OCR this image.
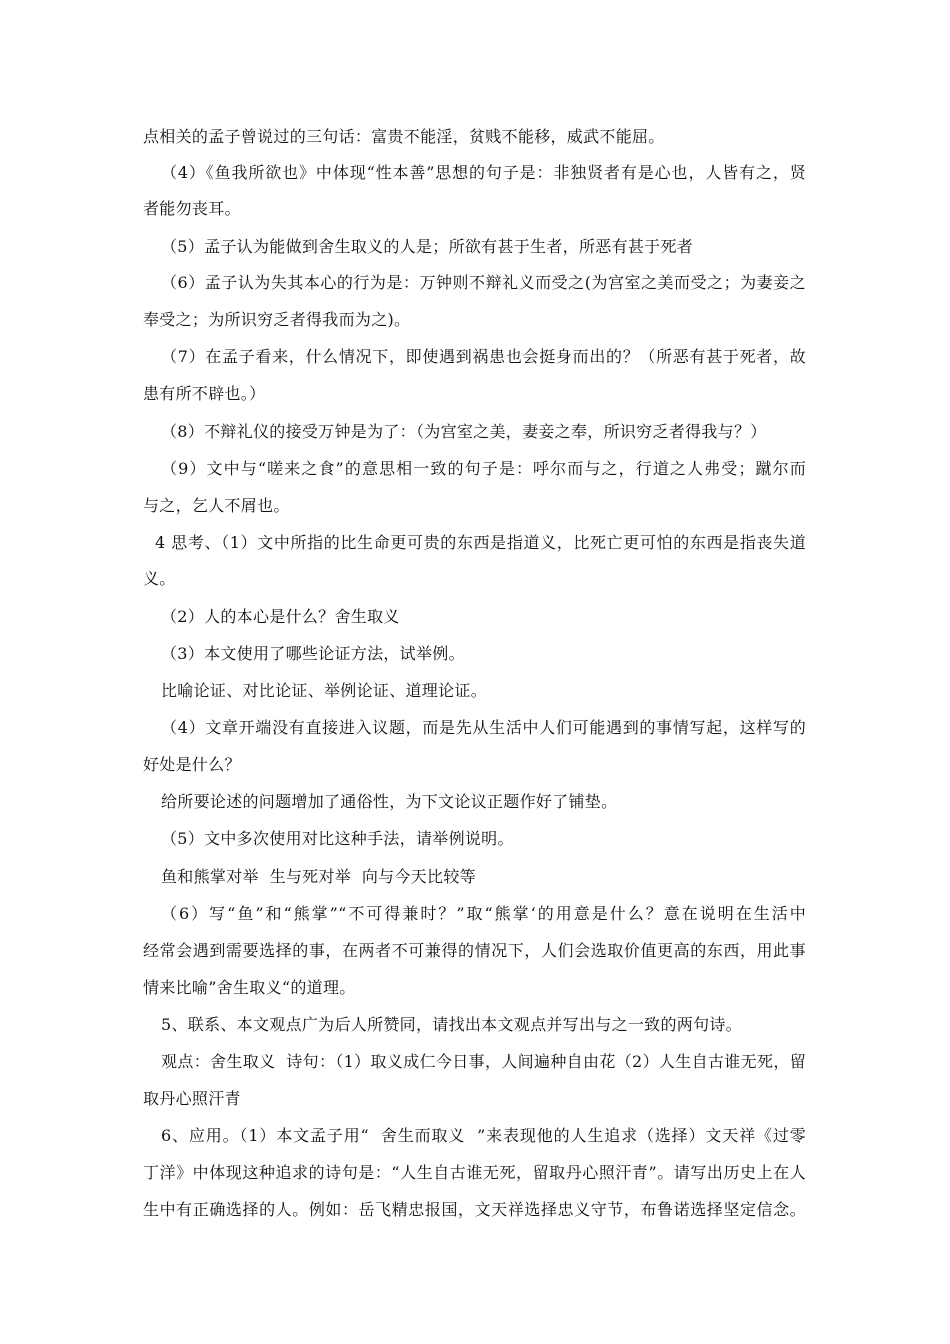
点相关的孟子曾说过的三句话：富贵不能淫，贫贱不能移，威武不能屈。
（4）《鱼我所欲也》中体现“性本善”思想的句子是：非独贤者有是心也，人皆有之，贤
者能勿丧耳。
（5）孟子认为能做到舍生取义的人是；所欲有甚于生者，所恶有甚于死者
（6）孟子认为失其本心的行为是：万钟则不辩礼义而受之(为宫室之美而受之；为妻妾之
奉受之；为所识穷乏者得我而为之)。
（7）在孟子看来，什么情况下，即使遇到祸患也会挺身而出的？（所恶有甚于死者，故
患有所不辟也。）
（8）不辩礼仪的接受万钟是为了：（为宫室之美，妻妾之奉，所识穷乏者得我与？）
（9）文中与“嗟来之食”的意思相一致的句子是：呼尔而与之，行道之人弗受；蹴尔而
与之，乞人不屑也。
4 思考、（1）文中所指的比生命更可贵的东西是指道义，比死亡更可怕的东西是指丧失道
义。
（2）人的本心是什么？舍生取义
（3）本文使用了哪些论证方法，试举例。
比喻论证、对比论证、举例论证、道理论证。
（4）文章开端没有直接进入议题，而是先从生活中人们可能遇到的事情写起，这样写的
好处是什么？
给所要论述的问题增加了通俗性，为下文论议正题作好了铺垫。
（5）文中多次使用对比这种手法，请举例说明。
鱼和熊掌对举  生与死对举  向与今天比较等
（6）写“鱼”和“熊掌”“不可得兼时？”取“熊掌‘的用意是什么？意在说明在生活中
经常会遇到需要选择的事，在两者不可兼得的情况下，人们会选取价值更高的东西，用此事
情来比喻”舍生取义“的道理。
5、联系、本文观点广为后人所赞同，请找出本文观点并写出与之一致的两句诗。
观点：舍生取义  诗句：（1）取义成仁今日事，人间遍种自由花（2）人生自古谁无死，留
取丹心照汗青
6、应用。（1）本文孟子用“  舍生而取义  ”来表现他的人生追求（选择）文天祥《过零
丁洋》中体现这种追求的诗句是：“人生自古谁无死，留取丹心照汗青”。请写出历史上在人
生中有正确选择的人。例如：岳飞精忠报国，文天祥选择忠义守节，布鲁诺选择坚定信念。
